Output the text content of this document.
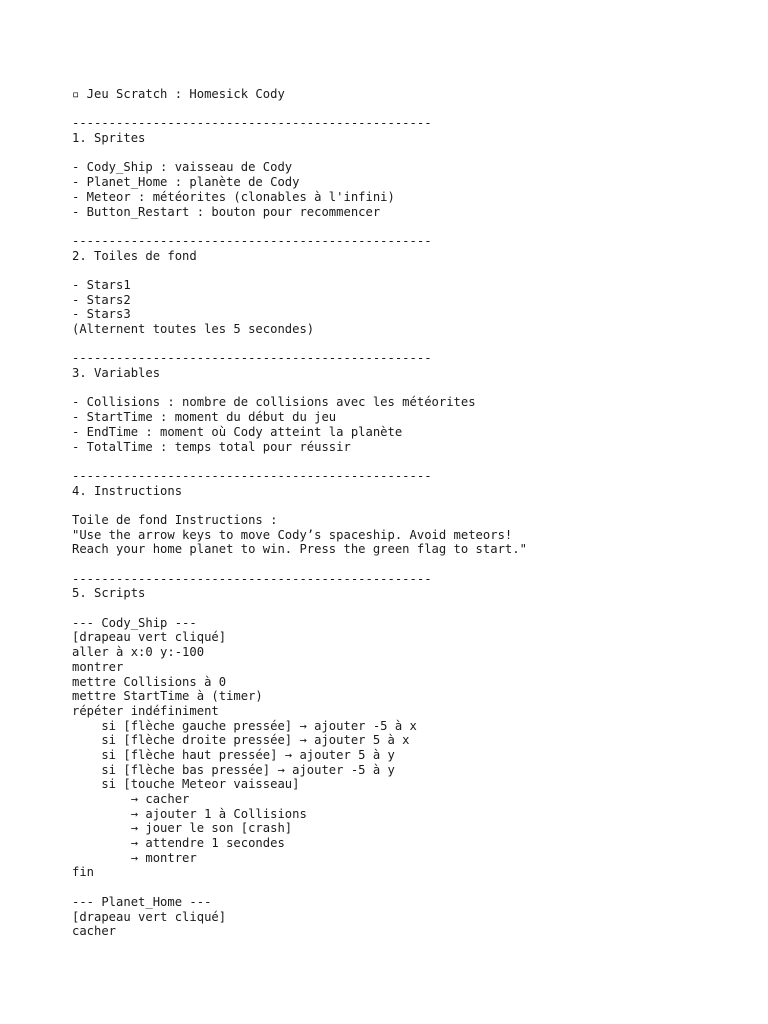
▫ Jeu Scratch : Homesick Cody
-------------------------------------------------
1. Sprites
- Cody_Ship : vaisseau de Cody
- Planet_Home : planète de Cody
- Meteor : météorites (clonables à l'infini)
- Button_Restart : bouton pour recommencer
-------------------------------------------------
2. Toiles de fond
- Stars1
- Stars2
- Stars3
(Alternent toutes les 5 secondes)
-------------------------------------------------
3. Variables
- Collisions : nombre de collisions avec les météorites
- StartTime : moment du début du jeu
- EndTime : moment où Cody atteint la planète
- TotalTime : temps total pour réussir
-------------------------------------------------
4. Instructions
Toile de fond Instructions :
"Use the arrow keys to move Cody’s spaceship. Avoid meteors!
Reach your home planet to win. Press the green flag to start."
-------------------------------------------------
5. Scripts
--- Cody_Ship ---
[drapeau vert cliqué]
aller à x:0 y:-100
montrer
mettre Collisions à 0
mettre StartTime à (timer)
répéter indéfiniment
si [flèche gauche pressée] → ajouter -5 à x
si [flèche droite pressée] → ajouter 5 à x
si [flèche haut pressée] → ajouter 5 à y
si [flèche bas pressée] → ajouter -5 à y
si [touche Meteor vaisseau]
→ cacher
→ ajouter 1 à Collisions
→ jouer le son [crash]
→ attendre 1 secondes
→ montrer
fin
--- Planet_Home ---
[drapeau vert cliqué]
cacher
